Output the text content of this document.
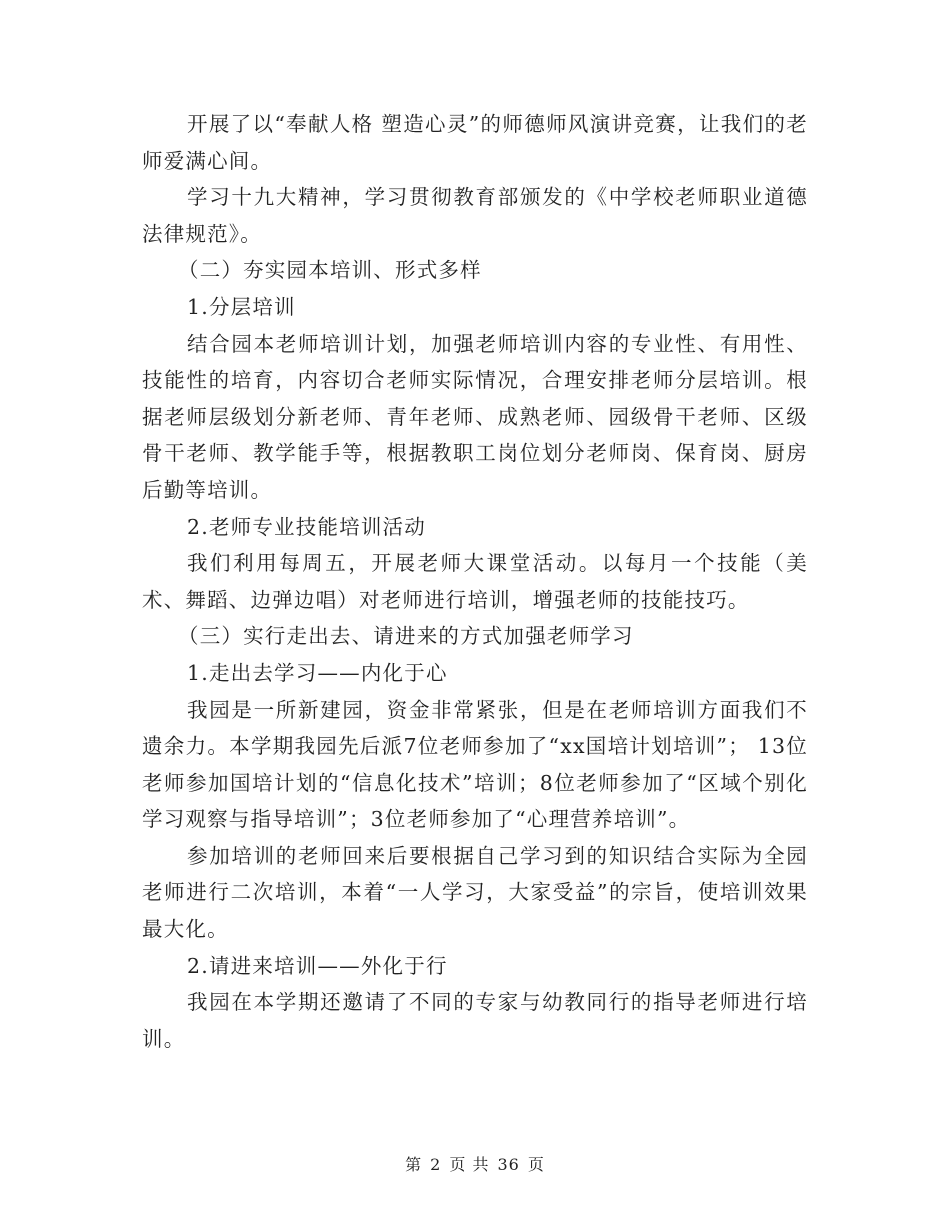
开展了以“奉献人格 塑造心灵”的师德师风演讲竞赛，让我们的老师爱满心间。

学习十九大精神，学习贯彻教育部颁发的《中学校老师职业道德法律规范》。

（二）夯实园本培训、形式多样

1.分层培训

结合园本老师培训计划，加强老师培训内容的专业性、有用性、技能性的培育，内容切合老师实际情况，合理安排老师分层培训。根据老师层级划分新老师、青年老师、成熟老师、园级骨干老师、区级骨干老师、教学能手等，根据教职工岗位划分老师岗、保育岗、厨房后勤等培训。

2.老师专业技能培训活动

我们利用每周五，开展老师大课堂活动。以每月一个技能（美术、舞蹈、边弹边唱）对老师进行培训，增强老师的技能技巧。

（三）实行走出去、请进来的方式加强老师学习

1.走出去学习——内化于心

我园是一所新建园，资金非常紧张，但是在老师培训方面我们不遗余力。本学期我园先后派7位老师参加了“xx国培计划培训”； 13位老师参加国培计划的“信息化技术”培训；8位老师参加了“区域个别化学习观察与指导培训”；3位老师参加了“心理营养培训”。

参加培训的老师回来后要根据自己学习到的知识结合实际为全园老师进行二次培训，本着“一人学习，大家受益”的宗旨，使培训效果最大化。

2.请进来培训——外化于行

我园在本学期还邀请了不同的专家与幼教同行的指导老师进行培训。

第 2 页 共 36 页
